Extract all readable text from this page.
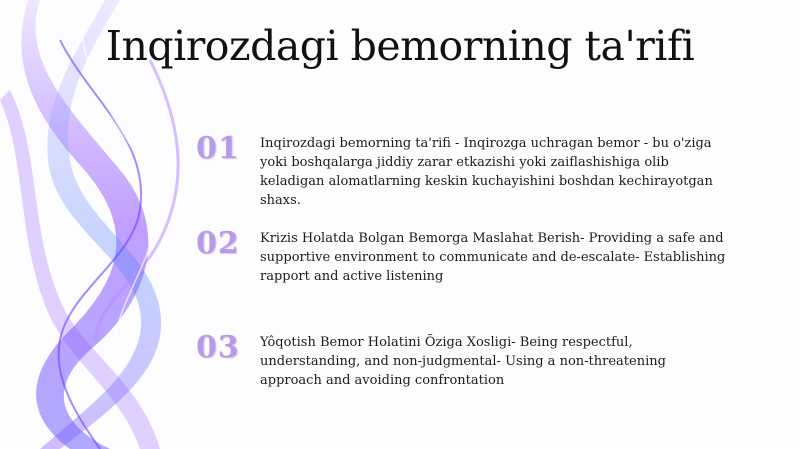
Inqirozdagi bemorning ta'rifi
01	Inqirozdagi bemorning ta'rifi - Inqirozga uchragan bemor - bu o'ziga yoki boshqalarga jiddiy zarar etkazishi yoki zaiflashishiga olib keladigan alomatlarning keskin kuchayishini boshdan kechirayotgan shaxs.
02	Krizis Holatda Bolgan Bemorga Maslahat Berish- Providing a safe and supportive environment to communicate and de-escalate- Establishing rapport and active listening
03	Yôqotish Bemor Holatini Õziga Xosligi- Being respectful, understanding, and non-judgmental- Using a non-threatening approach and avoiding confrontation
